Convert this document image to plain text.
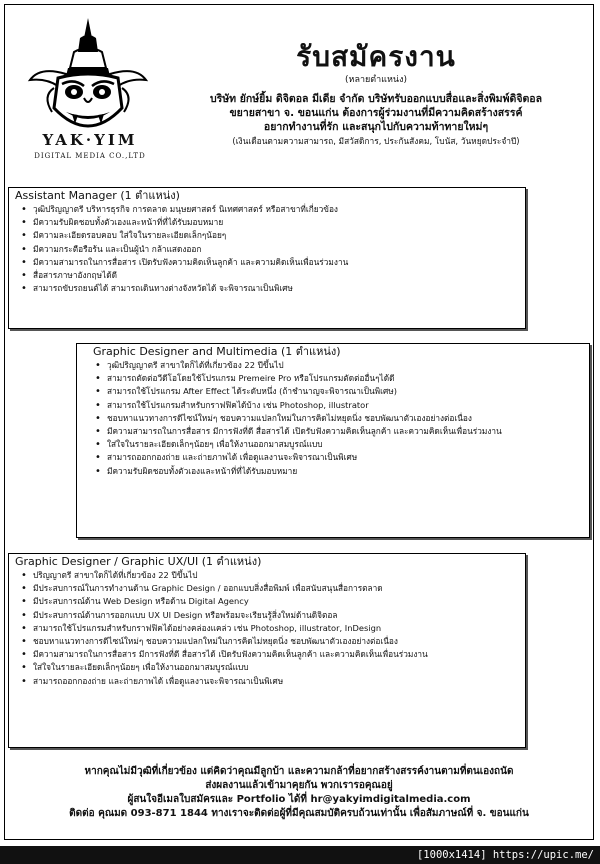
YAK·YIM
DIGITAL MEDIA CO.,LTD
รับสมัครงาน
(หลายตำแหน่ง)
บริษัท ยักษ์ยิ้ม ดิจิตอล มีเดีย จำกัด บริษัทรับออกแบบสื่อและสิ่งพิมพ์ดิจิตอล
ขยายสาขา จ. ขอนแก่น ต้องการผู้ร่วมงานที่มีความคิดสร้างสรรค์
อยากทำงานที่รัก และสนุกไปกับความท้าทายใหม่ๆ
(เงินเดือนตามความสามารถ, มีสวัสดิการ, ประกันสังคม, โบนัส, วันหยุดประจำปี)
Assistant Manager (1 ตำแหน่ง)
• วุฒิปริญญาตรี บริหารธุรกิจ การตลาด มนุษยศาสตร์ นิเทศศาสตร์ หรือสาขาที่เกี่ยวข้อง
• มีความรับผิดชอบทั้งตัวเองและหน้าที่ที่ได้รับมอบหมาย
• มีความละเอียดรอบคอบ ใส่ใจในรายละเอียดเล็กๆน้อยๆ
• มีความกระตือรือร้น และเป็นผู้นำ กล้าแสดงออก
• มีความสามารถในการสื่อสาร เปิดรับฟังความคิดเห็นลูกค้า และความคิดเห็นเพื่อนร่วมงาน
• สื่อสารภาษาอังกฤษได้ดี
• สามารถขับรถยนต์ได้ สามารถเดินทางต่างจังหวัดได้ จะพิจารณาเป็นพิเศษ
Graphic Designer and Multimedia (1 ตำแหน่ง)
• วุฒิปริญญาตรี สาขาใดก็ได้ที่เกี่ยวข้อง 22 ปีขึ้นไป
• สามารถตัดต่อวีดีโอโดยใช้โปรแกรม Premeire Pro หรือโปรแกรมตัดต่ออื่นๆได้ดี
• สามารถใช้โปรแกรม After Effect ได้ระดับหนึ่ง (ถ้าชำนาญจะพิจารณาเป็นพิเศษ)
• สามารถใช้โปรแกรมสำหรับกราฟฟิคได้บ้าง เช่น Photoshop, illustrator
• ชอบหาแนวทางการดีไซน์ใหม่ๆ ชอบความแปลกใหม่ในการคิดไม่หยุดนิ่ง ชอบพัฒนาตัวเองอย่างต่อเนื่อง
• มีความสามารถในการสื่อสาร มีการฟังที่ดี สื่อสารได้ เปิดรับฟังความคิดเห็นลูกค้า และความคิดเห็นเพื่อนร่วมงาน
• ใส่ใจในรายละเอียดเล็กๆน้อยๆ เพื่อให้งานออกมาสมบูรณ์แบบ
• สามารถออกกองถ่าย และถ่ายภาพได้ เพื่อดูแลงานจะพิจารณาเป็นพิเศษ
• มีความรับผิดชอบทั้งตัวเองและหน้าที่ที่ได้รับมอบหมาย
Graphic Designer / Graphic UX/UI (1 ตำแหน่ง)
• ปริญญาตรี สาขาใดก็ได้ที่เกี่ยวข้อง 22 ปีขึ้นไป
• มีประสบการณ์ในการทำงานด้าน Graphic Design / ออกแบบสิ่งสื่อพิมพ์ เพื่อสนับสนุนสื่อการตลาด
• มีประสบการณ์ด้าน Web Design หรือด้าน Digital Agency
• มีประสบการณ์ด้านการออกแบบ UX UI Design หรือพร้อมจะเรียนรู้สิ่งใหม่ด้านดิจิตอล
• สามารถใช้โปรแกรมสำหรับกราฟฟิคได้อย่างคล่องแคล่ว เช่น Photoshop, illustrator, InDesign
• ชอบหาแนวทางการดีไซน์ใหม่ๆ ชอบความแปลกใหม่ในการคิดไม่หยุดนิ่ง ชอบพัฒนาตัวเองอย่างต่อเนื่อง
• มีความสามารถในการสื่อสาร มีการฟังที่ดี สื่อสารได้ เปิดรับฟังความคิดเห็นลูกค้า และความคิดเห็นเพื่อนร่วมงาน
• ใส่ใจในรายละเอียดเล็กๆน้อยๆ เพื่อให้งานออกมาสมบูรณ์แบบ
• สามารถออกกองถ่าย และถ่ายภาพได้ เพื่อดูแลงานจะพิจารณาเป็นพิเศษ

หากคุณไม่มีวุฒิที่เกี่ยวข้อง แต่คิดว่าคุณมีลูกบ้า และความกล้าที่อยากสร้างสรรค์งานตามที่ตนเองถนัด

ส่งผลงานแล้วเข้ามาคุยกัน พวกเรารอคุณอยู่

ผู้สนใจอีเมลใบสมัครและ Portfolio ได้ที่ hr@yakyimdigitalmedia.com

ติดต่อ คุณมด 093-871 1844 ทางเราจะติดต่อผู้ที่มีคุณสมบัติครบถ้วนเท่านั้น เพื่อสัมภาษณ์ที่ จ. ขอนแก่น

[1000x1414] https://upic.me/
